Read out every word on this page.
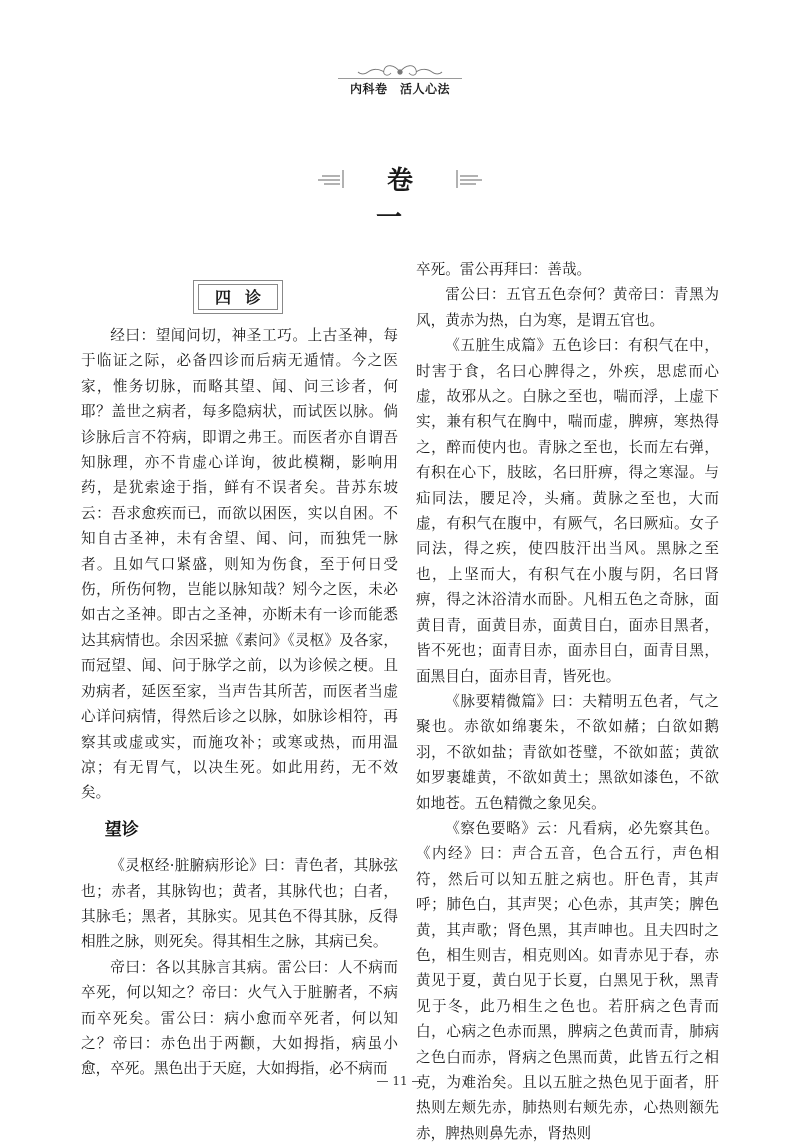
内科卷　活人心法
卷一
四诊

经曰：望闻问切，神圣工巧。上古圣神，每于临证之际，必备四诊而后病无遁情。今之医家，惟务切脉，而略其望、闻、问三诊者，何耶？盖世之病者，每多隐病状，而试医以脉。倘诊脉后言不符病，即谓之弗王。而医者亦自谓吾知脉理，亦不肯虚心详询，彼此模糊，影响用药，是犹索途于指，鲜有不误者矣。昔苏东坡云：吾求愈疾而已，而欲以困医，实以自困。不知自古圣神，未有舍望、闻、问，而独凭一脉者。且如气口紧盛，则知为伤食，至于何日受伤，所伤何物，岂能以脉知哉？矧今之医，未必如古之圣神。即古之圣神，亦断未有一诊而能悉达其病情也。余因采摭《素问》《灵枢》及各家，而冠望、闻、问于脉学之前，以为诊候之梗。且劝病者，延医至家，当声告其所苦，而医者当虚心详问病情，得然后诊之以脉，如脉诊相符，再察其或虚或实，而施攻补；或寒或热，而用温凉；有无胃气，以决生死。如此用药，无不效矣。

望诊

《灵枢经·脏腑病形论》曰：青色者，其脉弦也；赤者，其脉钩也；黄者，其脉代也；白者，其脉毛；黑者，其脉实。见其色不得其脉，反得相胜之脉，则死矣。得其相生之脉，其病已矣。

帝曰：各以其脉言其病。雷公曰：人不病而卒死，何以知之？帝曰：火气入于脏腑者，不病而卒死矣。雷公曰：病小愈而卒死者，何以知之？帝曰：赤色出于两颧，大如拇指，病虽小愈，卒死。黑色出于天庭，大如拇指，必不病而

卒死。雷公再拜曰：善哉。

雷公曰：五官五色奈何？黄帝曰：青黑为风，黄赤为热，白为寒，是谓五官也。

《五脏生成篇》五色诊曰：有积气在中，时害于食，名曰心脾得之，外疾，思虑而心虚，故邪从之。白脉之至也，喘而浮，上虚下实，兼有积气在胸中，喘而虚，脾痹，寒热得之，醉而使内也。青脉之至也，长而左右弹，有积在心下，肢眩，名曰肝痹，得之寒湿。与疝同法，腰足冷，头痛。黄脉之至也，大而虚，有积气在腹中，有厥气，名曰厥疝。女子同法，得之疾，使四肢汗出当风。黑脉之至也，上坚而大，有积气在小腹与阴，名曰肾痹，得之沐浴清水而卧。凡相五色之奇脉，面黄目青，面黄目赤，面黄目白，面赤目黑者，皆不死也；面青目赤，面赤目白，面青目黑，面黑目白，面赤目青，皆死也。

《脉要精微篇》曰：夫精明五色者，气之聚也。赤欲如绵裹朱，不欲如赭；白欲如鹅羽，不欲如盐；青欲如苍璧，不欲如蓝；黄欲如罗裹雄黄，不欲如黄土；黑欲如漆色，不欲如地苍。五色精微之象见矣。

《察色要略》云：凡看病，必先察其色。《内经》曰：声合五音，色合五行，声色相符，然后可以知五脏之病也。肝色青，其声呼；肺色白，其声哭；心色赤，其声笑；脾色黄，其声歌；肾色黑，其声呻也。且夫四时之色，相生则吉，相克则凶。如青赤见于春，赤黄见于夏，黄白见于长夏，白黑见于秋，黑青见于冬，此乃相生之色也。若肝病之色青而白，心病之色赤而黑，脾病之色黄而青，肺病之色白而赤，肾病之色黑而黄，此皆五行之相克，为难治矣。且以五脏之热色见于面者，肝热则左颊先赤，肺热则右颊先赤，心热则额先赤，脾热则鼻先赤，肾热则

— 11 —
